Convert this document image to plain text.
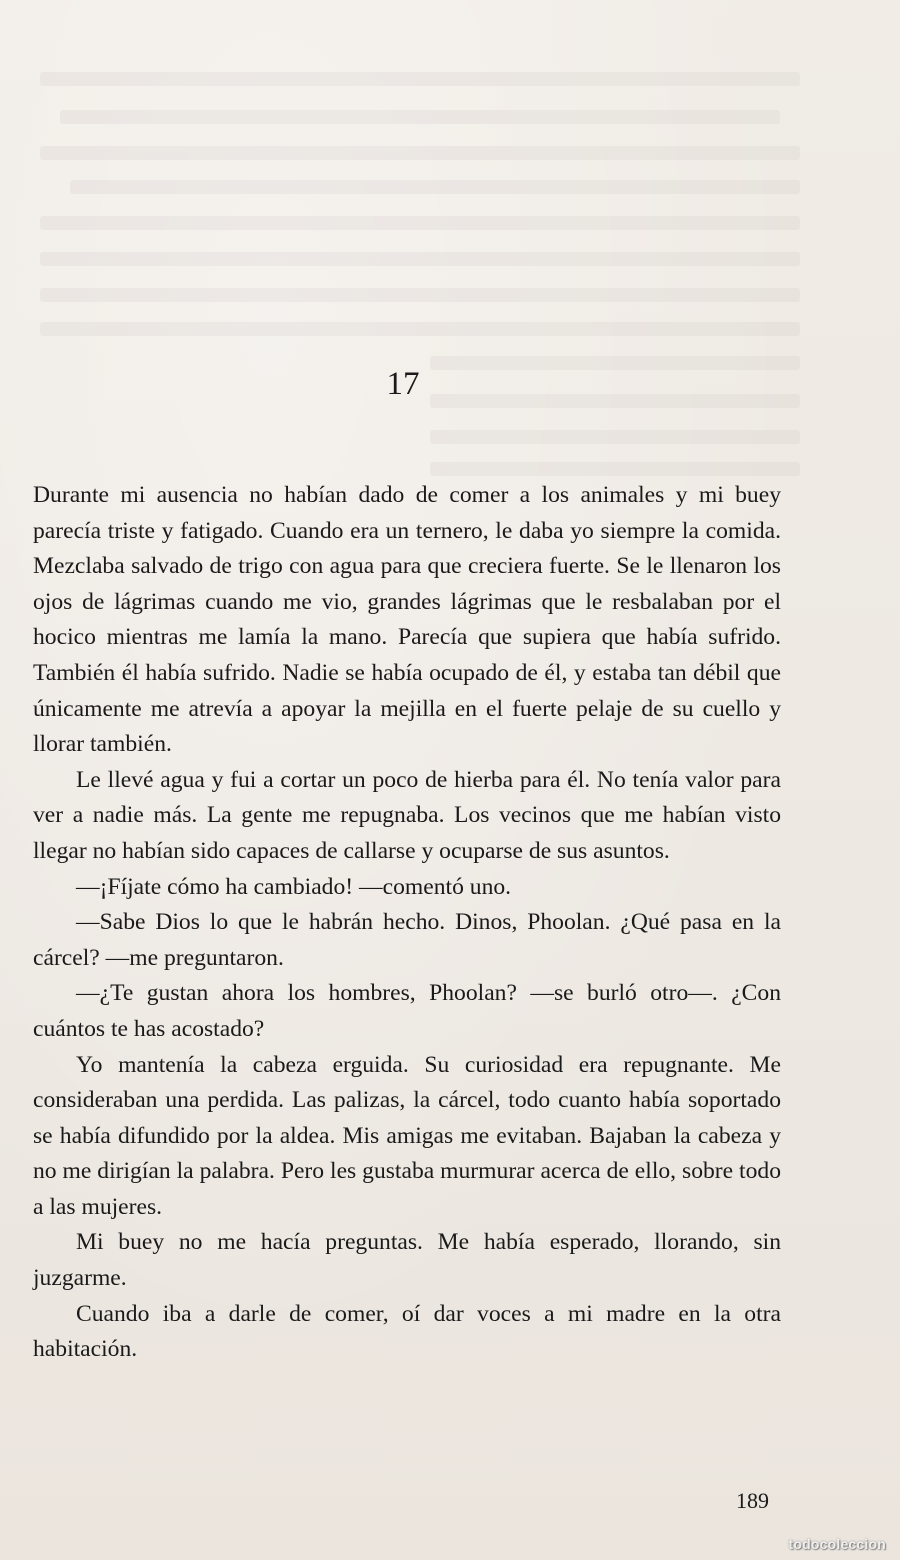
17

Durante mi ausencia no habían dado de comer a los animales y mi buey parecía triste y fatigado. Cuando era un ternero, le daba yo siempre la comida. Mezclaba salvado de trigo con agua para que creciera fuerte. Se le llenaron los ojos de lágrimas cuando me vio, grandes lágrimas que le resbalaban por el hocico mientras me lamía la mano. Parecía que supiera que había sufrido. También él había sufrido. Nadie se había ocupado de él, y estaba tan débil que únicamente me atrevía a apoyar la mejilla en el fuerte pelaje de su cuello y llorar también.

Le llevé agua y fui a cortar un poco de hierba para él. No tenía valor para ver a nadie más. La gente me repugnaba. Los vecinos que me habían visto llegar no habían sido capaces de callarse y ocuparse de sus asuntos.

—¡Fíjate cómo ha cambiado! —comentó uno.

—Sabe Dios lo que le habrán hecho. Dinos, Phoolan. ¿Qué pasa en la cárcel? —me preguntaron.

—¿Te gustan ahora los hombres, Phoolan? —se burló otro—. ¿Con cuántos te has acostado?

Yo mantenía la cabeza erguida. Su curiosidad era repugnante. Me consideraban una perdida. Las palizas, la cárcel, todo cuanto había soportado se había difundido por la aldea. Mis amigas me evitaban. Bajaban la cabeza y no me dirigían la palabra. Pero les gustaba murmurar acerca de ello, sobre todo a las mujeres.

Mi buey no me hacía preguntas. Me había esperado, llorando, sin juzgarme.

Cuando iba a darle de comer, oí dar voces a mi madre en la otra habitación.

189
todocoleccion
